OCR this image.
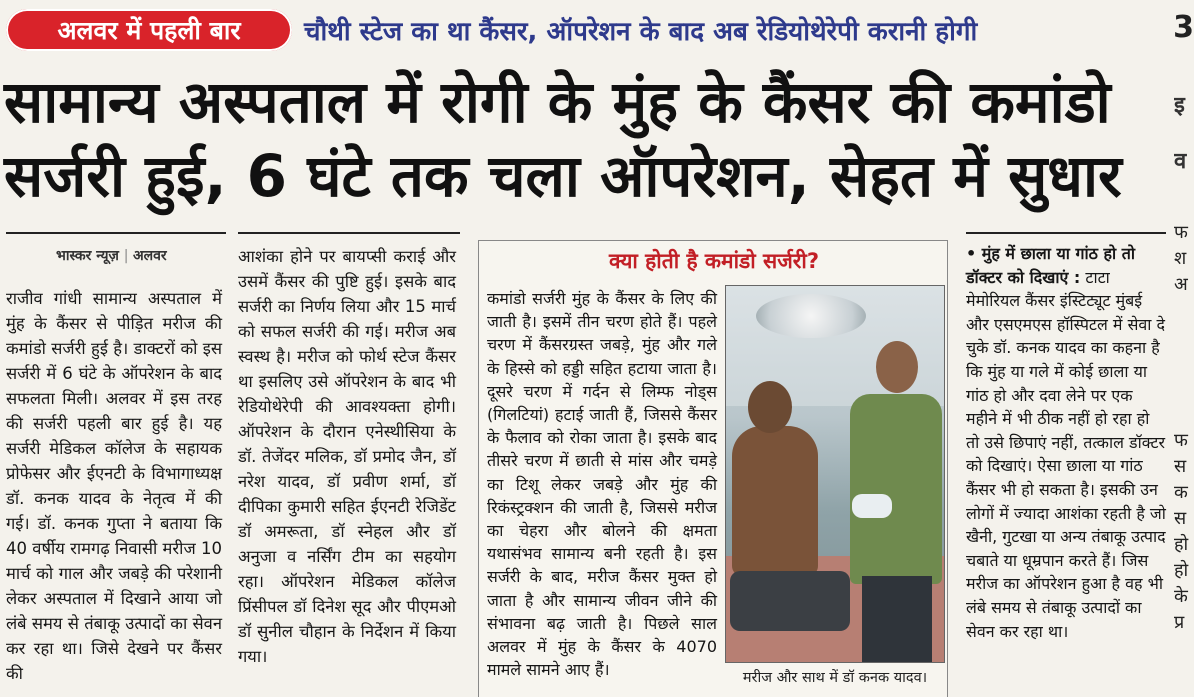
अलवर में पहली बार	चौथी स्टेज का था कैंसर, ऑपरेशन के बाद अब रेडियोथेरेपी करानी होगी	3
सामान्य अस्पताल में रोगी के मुंह के कैंसर की कमांडो
सर्जरी हुई, 6 घंटे तक चला ऑपरेशन, सेहत में सुधार
इ
व
फ
श
अ

फ
स
क
स
हो
हो
के
प्र
भास्कर न्यूज़ | अलवर
राजीव गांधी सामान्य अस्पताल में मुंह के कैंसर से पीड़ित मरीज की कमांडो सर्जरी हुई है। डाक्टरों को इस सर्जरी में 6 घंटे के ऑपरेशन के बाद सफलता मिली। अलवर में इस तरह की सर्जरी पहली बार हुई है। यह सर्जरी मेडिकल कॉलेज के सहायक प्रोफेसर और ईएनटी के विभागाध्यक्ष डॉ. कनक यादव के नेतृत्व में की गई। डॉ. कनक गुप्ता ने बताया कि 40 वर्षीय रामगढ़ निवासी मरीज 10 मार्च को गाल और जबड़े की परेशानी लेकर अस्पताल में दिखाने आया जो लंबे समय से तंबाकू उत्पादों का सेवन कर रहा था। जिसे देखने पर कैंसर की
आशंका होने पर बायप्सी कराई और उसमें कैंसर की पुष्टि हुई। इसके बाद सर्जरी का निर्णय लिया और 15 मार्च को सफल सर्जरी की गई। मरीज अब स्वस्थ है। मरीज को फोर्थ स्टेज कैंसर था इसलिए उसे ऑपरेशन के बाद भी रेडियोथेरेपी की आवश्यक्ता होगी। ऑपरेशन के दौरान एनेस्थीसिया के डॉ. तेजेंदर मलिक, डॉ प्रमोद जैन, डॉ नरेश यादव, डॉ प्रवीण शर्मा, डॉ दीपिका कुमारी सहित ईएनटी रेजिडेंट डॉ अमरूता, डॉ स्नेहल और डॉ अनुजा व नर्सिंग टीम का सहयोग रहा। ऑपरेशन मेडिकल कॉलेज प्रिंसीपल डॉ दिनेश सूद और पीएमओ डॉ सुनील चौहान के निर्देशन में किया गया।
क्या होती है कमांडो सर्जरी?
कमांडो सर्जरी मुंह के कैंसर के लिए की जाती है। इसमें तीन चरण होते हैं। पहले चरण में कैंसरग्रस्त जबड़े, मुंह और गले के हिस्से को हड्डी सहित हटाया जाता है। दूसरे चरण में गर्दन से लिम्फ नोड्स (गिलटियां) हटाई जाती हैं, जिससे कैंसर के फैलाव को रोका जाता है। इसके बाद तीसरे चरण में छाती से मांस और चमड़े का टिशू लेकर जबड़े और मुंह की रिकंस्ट्रक्शन की जाती है, जिससे मरीज का चेहरा और बोलने की क्षमता यथासंभव सामान्य बनी रहती है। इस सर्जरी के बाद, मरीज कैंसर मुक्त हो जाता है और सामान्य जीवन जीने की संभावना बढ़ जाती है। पिछले साल अलवर में मुंह के कैंसर के 4070 मामले सामने आए हैं।	मरीज और साथ में डॉ कनक यादव।
• मुंह में छाला या गांठ हो तो डॉक्टर को दिखाएं : टाटा मेमोरियल कैंसर इंस्टिट्यूट मुंबई और एसएमएस हॉस्पिटल में सेवा दे चुके डॉ. कनक यादव का कहना है कि मुंह या गले में कोई छाला या गांठ हो और दवा लेने पर एक महीने में भी ठीक नहीं हो रहा हो तो उसे छिपाएं नहीं, तत्काल डॉक्टर को दिखाएं। ऐसा छाला या गांठ कैंसर भी हो सकता है। इसकी उन लोगों में ज्यादा आशंका रहती है जो खैनी, गुटखा या अन्य तंबाकू उत्पाद चबाते या धूम्रपान करते हैं। जिस मरीज का ऑपरेशन हुआ है वह भी लंबे समय से तंबाकू उत्पादों का सेवन कर रहा था।
